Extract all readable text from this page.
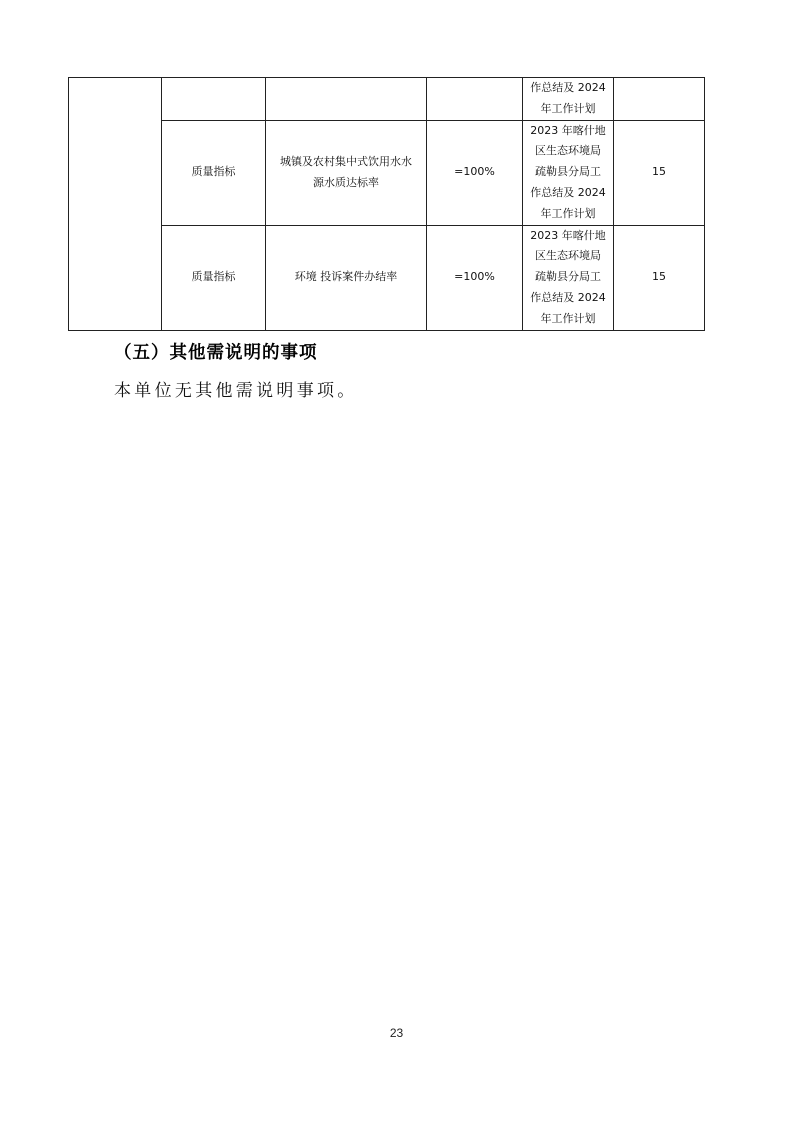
				作总结及 2024
年工作计划	

	质量指标	城镇及农村集中式饮用水水
源水质达标率	=100%	2023 年喀什地
区生态环境局
疏勒县分局工
作总结及 2024
年工作计划	15
	质量指标	环境 投诉案件办结率	=100%	2023 年喀什地
区生态环境局
疏勒县分局工
作总结及 2024
年工作计划	15
（五）其他需说明的事项

本单位无其他需说明事项。

23
